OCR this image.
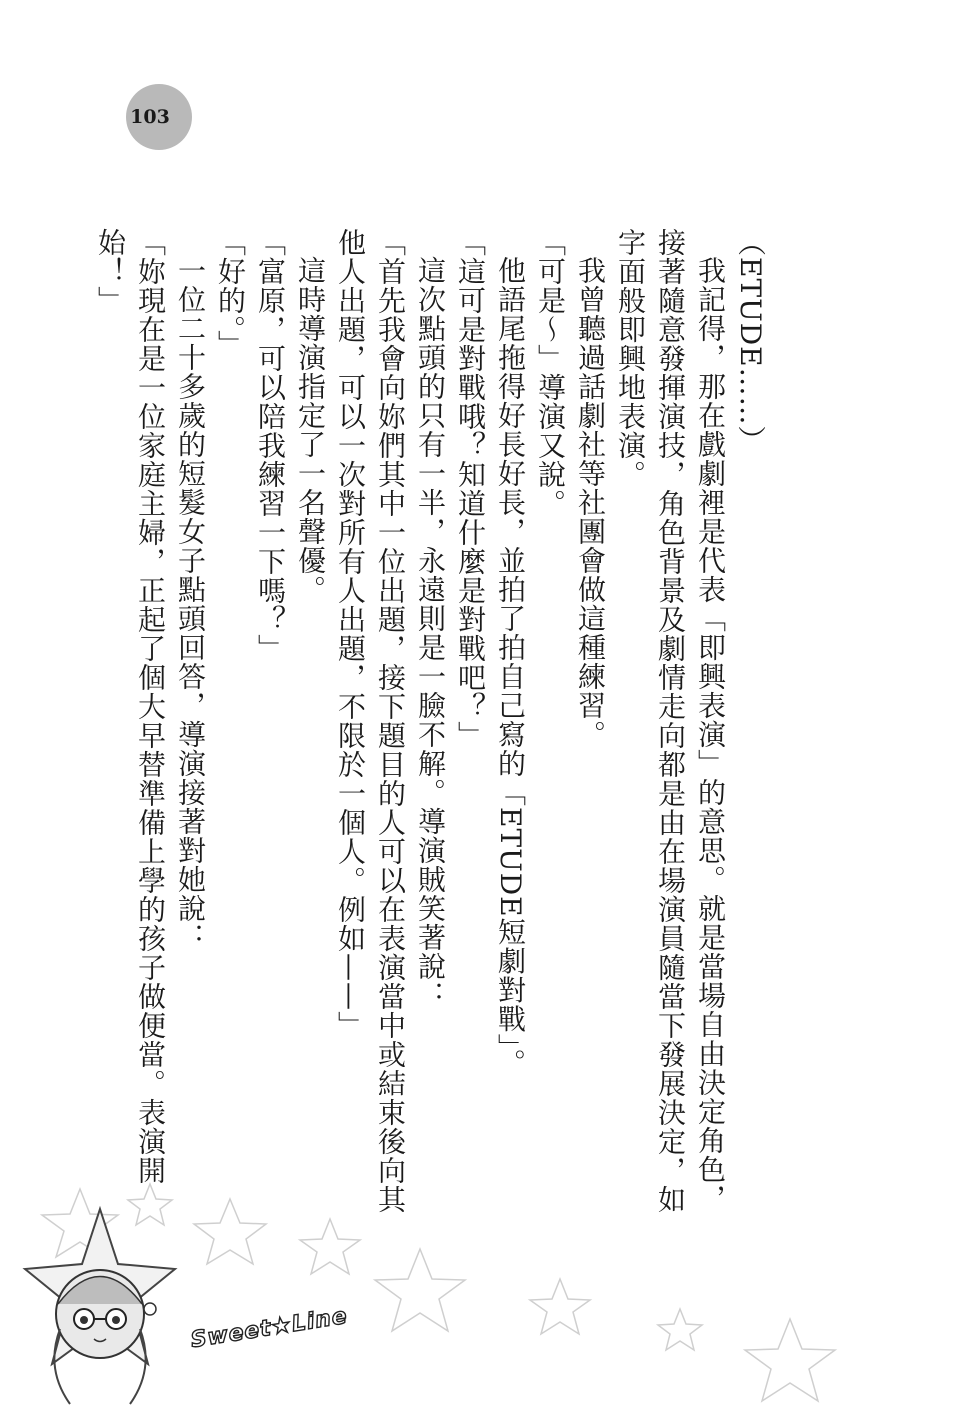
103

（ETUDE……）

我記得，那在戲劇裡是代表「即興表演」的意思。就是當場自由決定角色，接著隨意發揮演技，角色背景及劇情走向都是由在場演員隨當下發展決定，如字面般即興地表演。

我曾聽過話劇社等社團會做這種練習。

「可是～」導演又說。

他語尾拖得好長好長，並拍了拍自己寫的「ETUDE短劇對戰」。

「這可是對戰哦？知道什麼是對戰吧？」

這次點頭的只有一半，永遠則是一臉不解。導演賊笑著說：

「首先我會向妳們其中一位出題，接下題目的人可以在表演當中或結束後向其他人出題，可以一次對所有人出題，不限於一個人。例如——」

這時導演指定了一名聲優。

「富原，可以陪我練習一下嗎？」

「好的。」

一位二十多歲的短髮女子點頭回答，導演接著對她說：

「妳現在是一位家庭主婦，正起了個大早替準備上學的孩子做便當。表演開始！」

Sweet★Line
